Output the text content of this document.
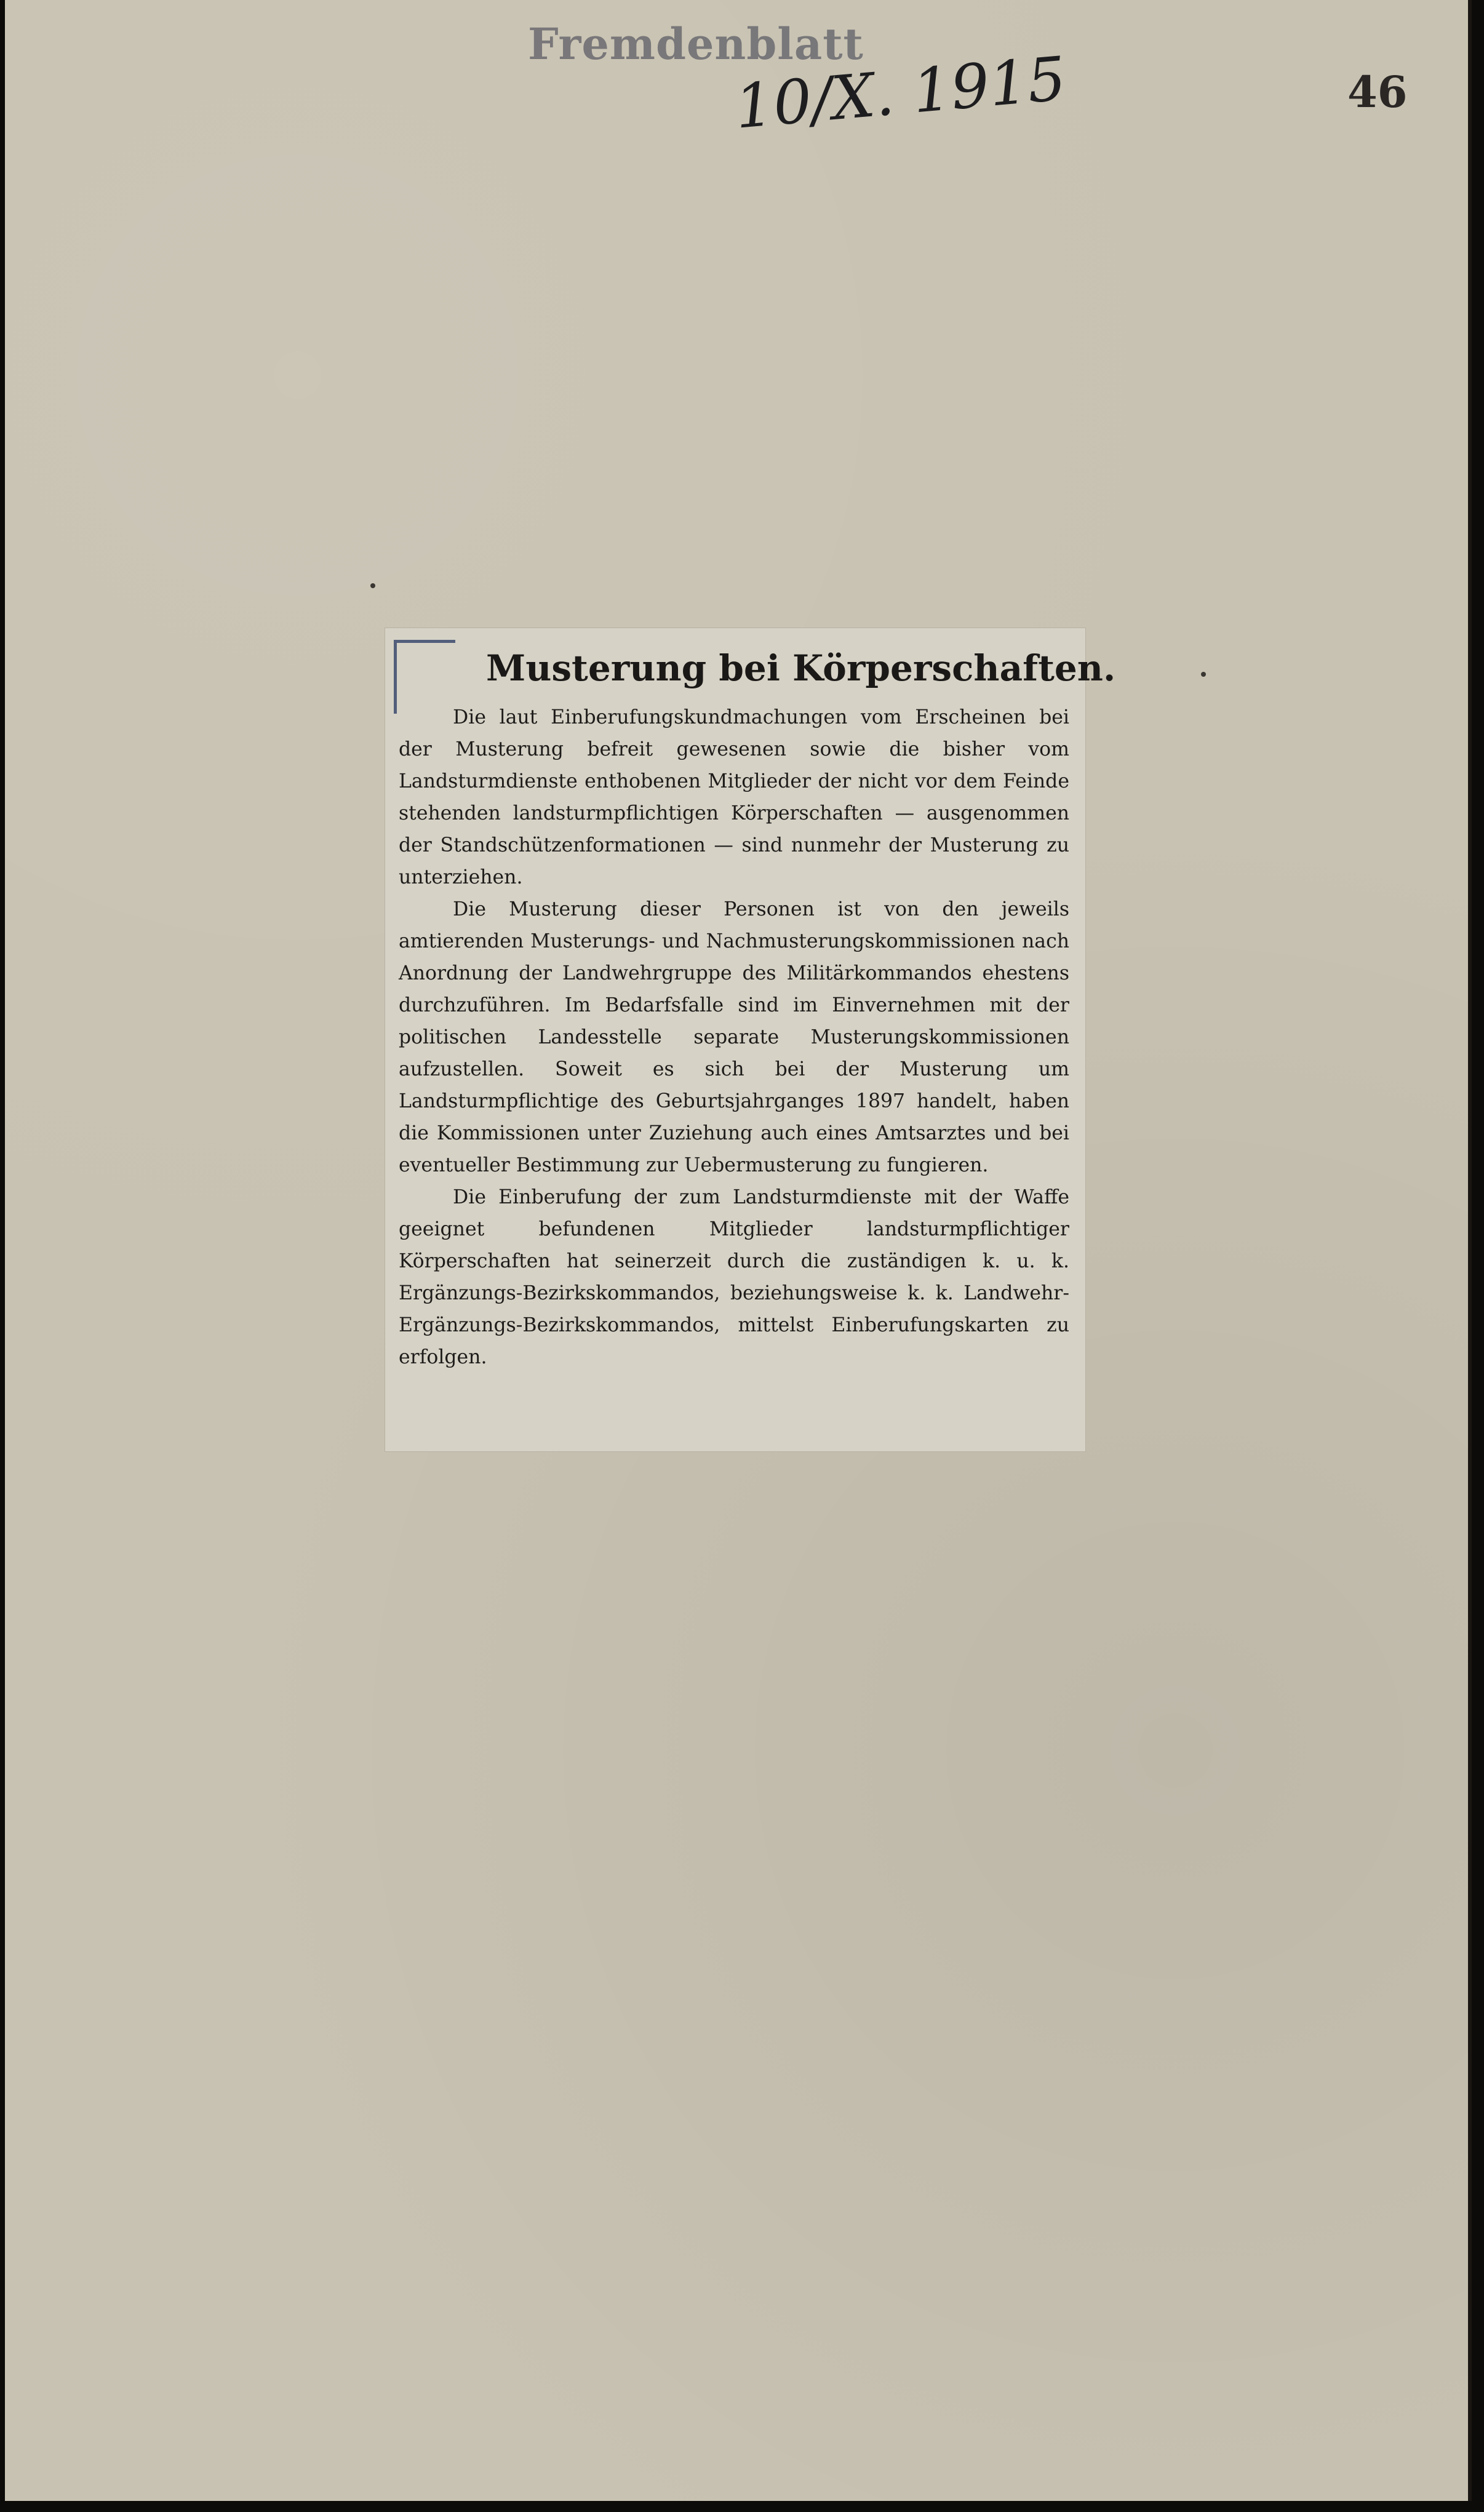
Fremdenblatt
10/X. 1915	46
Musterung bei Körperschaften.

Die laut Einberufungskundmachungen vom Erscheinen bei der Musterung befreit gewesenen sowie die bisher vom Landsturmdienste enthobenen Mitglieder der nicht vor dem Feinde stehenden landsturmpflichtigen Körperschaften — ausgenommen der Standschützenformationen — sind nunmehr der Musterung zu unterziehen.

Die Musterung dieser Personen ist von den jeweils amtierenden Musterungs- und Nachmusterungskommissionen nach Anordnung der Landwehrgruppe des Militärkommandos ehestens durchzuführen. Im Bedarfsfalle sind im Einvernehmen mit der politischen Landesstelle separate Musterungskommissionen aufzustellen. Soweit es sich bei der Musterung um Landsturmpflichtige des Geburtsjahrganges 1897 handelt, haben die Kommissionen unter Zuziehung auch eines Amtsarztes und bei eventueller Bestimmung zur Uebermusterung zu fungieren.

Die Einberufung der zum Landsturmdienste mit der Waffe geeignet befundenen Mitglieder landsturmpflichtiger Körperschaften hat seinerzeit durch die zuständigen k. u. k. Ergänzungs-Bezirkskommandos, beziehungsweise k. k. Landwehr-Ergänzungs-Bezirkskommandos, mittelst Einberufungskarten zu erfolgen.
